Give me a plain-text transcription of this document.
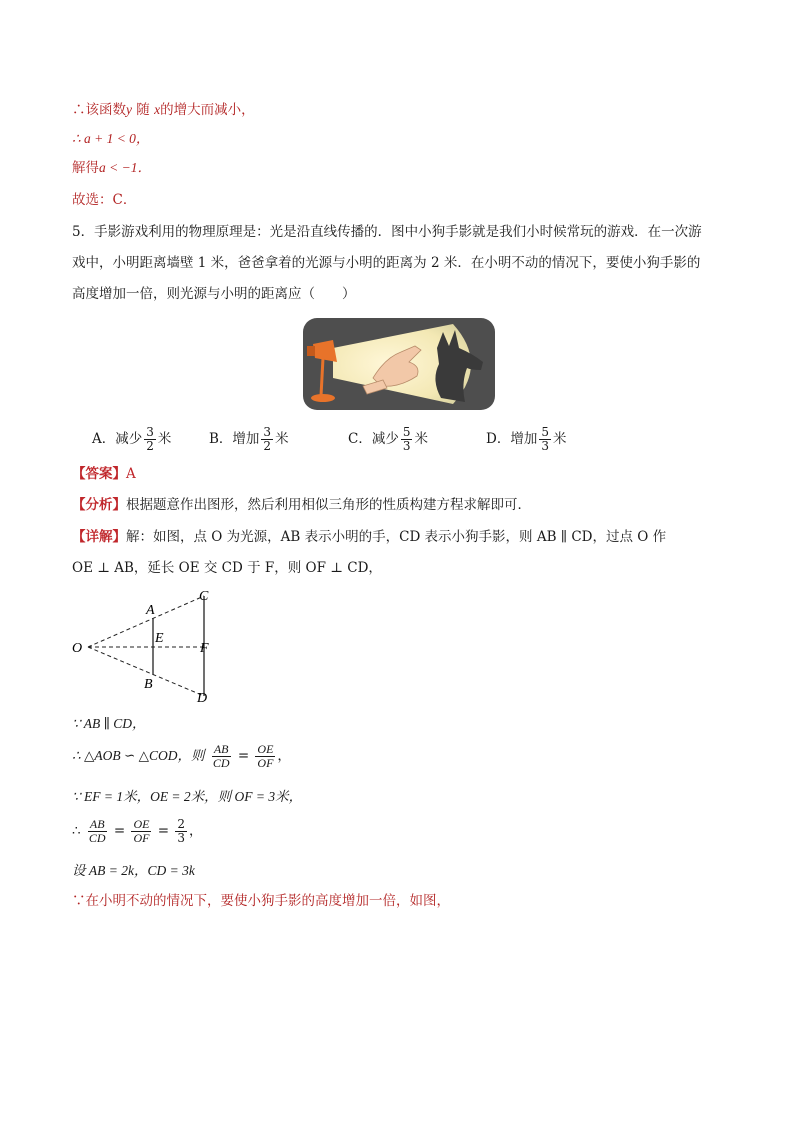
∴该函数y 随 x的增大而减小，
∴ a + 1 < 0，
解得a < −1．
故选：C．
5．手影游戏利用的物理原理是：光是沿直线传播的．图中小狗手影就是我们小时候常玩的游戏．在一次游
戏中，小明距离墙壁 1 米，爸爸拿着的光源与小明的距离为 2 米．在小明不动的情况下，要使小狗手影的
高度增加一倍，则光源与小明的距离应（　　）
A．减少 $\frac{3}{2}$ 米	B．增加 $\frac{3}{2}$ 米	C．减少 $\frac{5}{3}$ 米	D．增加 $\frac{5}{3}$ 米
【答案】A
【分析】根据题意作出图形，然后利用相似三角形的性质构建方程求解即可．
【详解】解：如图，点 O 为光源，AB 表示小明的手，CD 表示小狗手影，则 AB ∥ CD，过点 O 作
OE ⊥ AB，延长 OE 交 CD 于 F，则 OF ⊥ CD，
O
A
B
C
D
E
F
∵ AB ∥ CD，
∴ △AOB ∽ △COD，则 $\frac{AB}{CD} = \frac{OE}{OF}$ ，
∵ EF = 1米，OE = 2米，则 OF = 3米，
∴ $\frac{AB}{CD} = \frac{OE}{OF} = \frac{2}{3}$ ，
设 AB = 2k，CD = 3k
∵在小明不动的情况下，要使小狗手影的高度增加一倍，如图，
